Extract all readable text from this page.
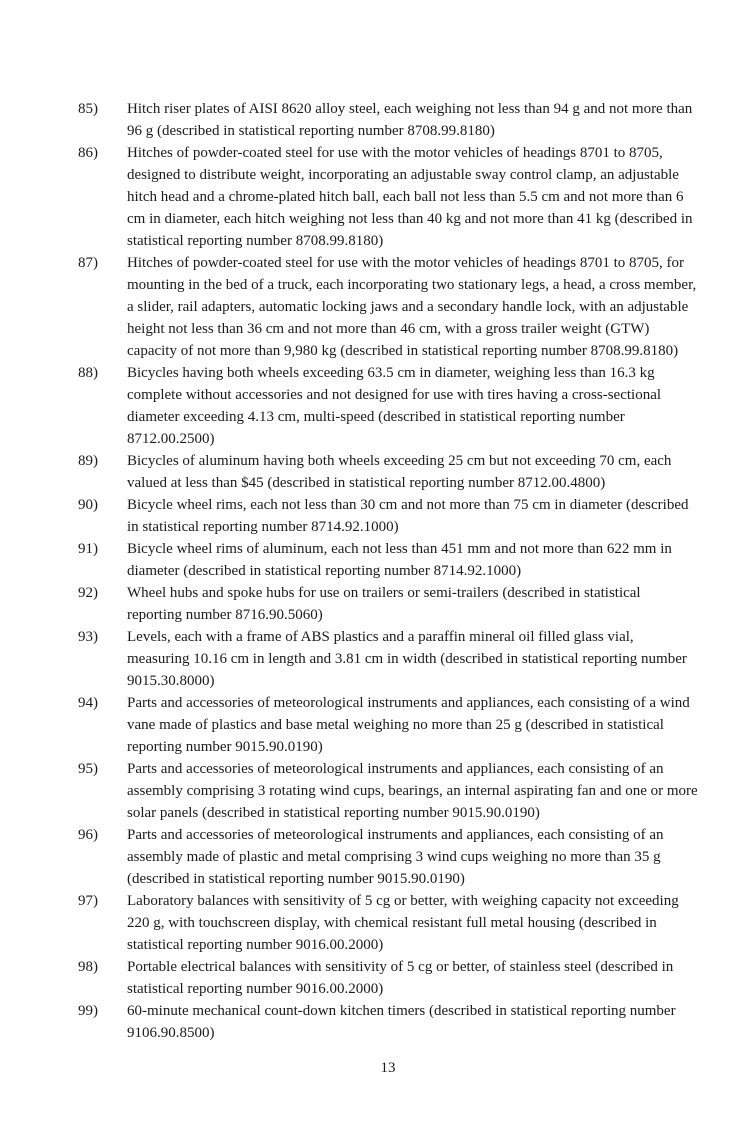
85)	Hitch riser plates of AISI 8620 alloy steel, each weighing not less than 94 g and not more than 96 g (described in statistical reporting number 8708.99.8180)
86)	Hitches of powder-coated steel for use with the motor vehicles of headings 8701 to 8705, designed to distribute weight, incorporating an adjustable sway control clamp, an adjustable hitch head and a chrome-plated hitch ball, each ball not less than 5.5 cm and not more than 6 cm in diameter, each hitch weighing not less than 40 kg and not more than 41 kg (described in statistical reporting number 8708.99.8180)
87)	Hitches of powder-coated steel for use with the motor vehicles of headings 8701 to 8705, for mounting in the bed of a truck, each incorporating two stationary legs, a head, a cross member, a slider, rail adapters, automatic locking jaws and a secondary handle lock, with an adjustable height not less than 36 cm and not more than 46 cm, with a gross trailer weight (GTW) capacity of not more than 9,980 kg (described in statistical reporting number 8708.99.8180)
88)	Bicycles having both wheels exceeding 63.5 cm in diameter, weighing less than 16.3 kg complete without accessories and not designed for use with tires having a cross-sectional diameter exceeding 4.13 cm, multi-speed (described in statistical reporting number 8712.00.2500)
89)	Bicycles of aluminum having both wheels exceeding 25 cm but not exceeding 70 cm, each valued at less than $45 (described in statistical reporting number 8712.00.4800)
90)	Bicycle wheel rims, each not less than 30 cm and not more than 75 cm in diameter (described in statistical reporting number 8714.92.1000)
91)	Bicycle wheel rims of aluminum, each not less than 451 mm and not more than 622 mm in diameter (described in statistical reporting number 8714.92.1000)
92)	Wheel hubs and spoke hubs for use on trailers or semi-trailers (described in statistical reporting number 8716.90.5060)
93)	Levels, each with a frame of ABS plastics and a paraffin mineral oil filled glass vial, measuring 10.16 cm in length and 3.81 cm in width (described in statistical reporting number 9015.30.8000)
94)	Parts and accessories of meteorological instruments and appliances, each consisting of a wind vane made of plastics and base metal weighing no more than 25 g (described in statistical reporting number 9015.90.0190)
95)	Parts and accessories of meteorological instruments and appliances, each consisting of an assembly comprising 3 rotating wind cups, bearings, an internal aspirating fan and one or more solar panels (described in statistical reporting number 9015.90.0190)
96)	Parts and accessories of meteorological instruments and appliances, each consisting of an assembly made of plastic and metal comprising 3 wind cups weighing no more than 35 g (described in statistical reporting number 9015.90.0190)
97)	Laboratory balances with sensitivity of 5 cg or better, with weighing capacity not exceeding 220 g, with touchscreen display, with chemical resistant full metal housing (described in statistical reporting number 9016.00.2000)
98)	Portable electrical balances with sensitivity of 5 cg or better, of stainless steel (described in statistical reporting number 9016.00.2000)
99)	60-minute mechanical count-down kitchen timers (described in statistical reporting number 9106.90.8500)
13
